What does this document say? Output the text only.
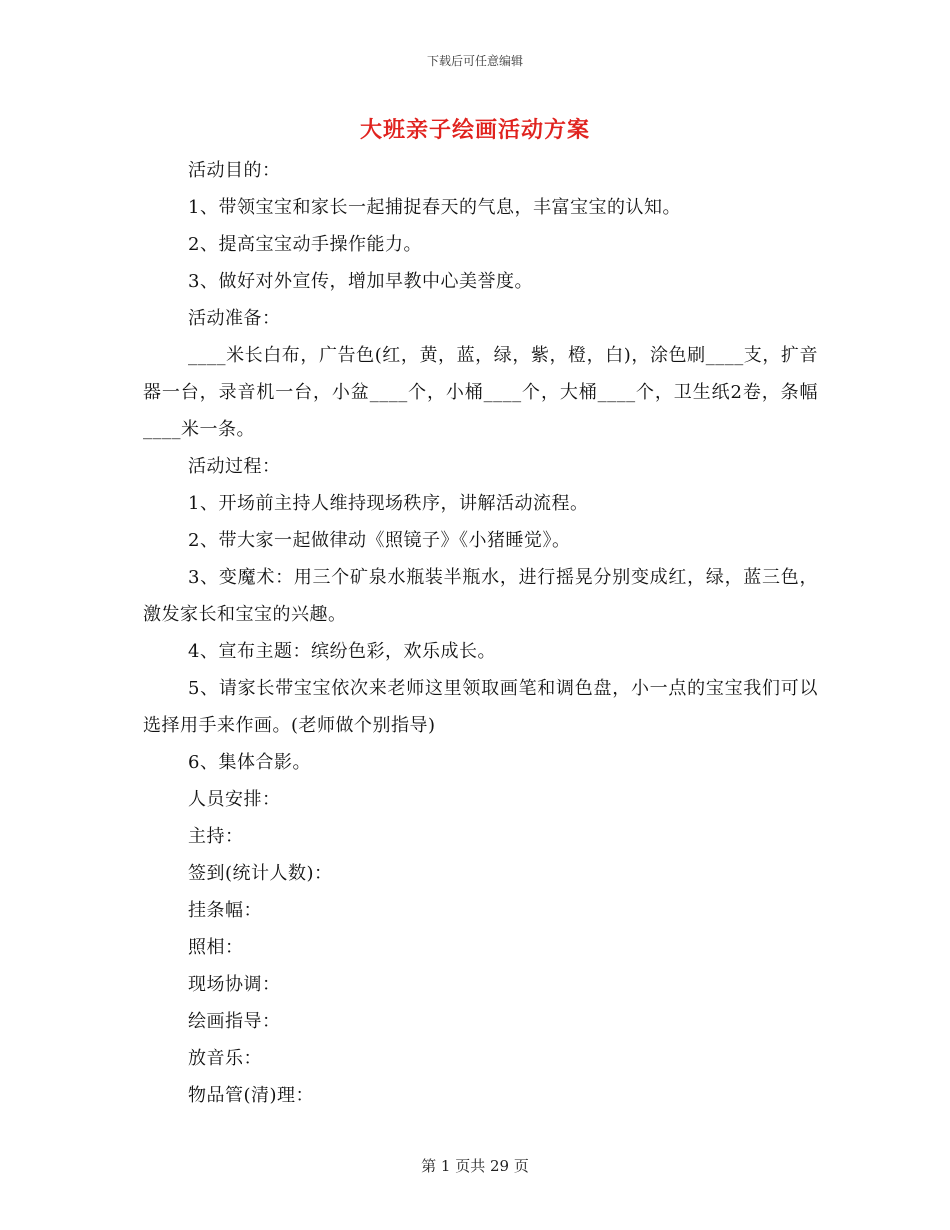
下载后可任意编辑
大班亲子绘画活动方案

活动目的：

1、带领宝宝和家长一起捕捉春天的气息，丰富宝宝的认知。

2、提高宝宝动手操作能力。

3、做好对外宣传，增加早教中心美誉度。

活动准备：

____米长白布，广告色(红，黄，蓝，绿，紫，橙，白)，涂色刷____支，扩音器一台，录音机一台，小盆____个，小桶____个，大桶____个，卫生纸2卷，条幅____米一条。

活动过程：

1、开场前主持人维持现场秩序，讲解活动流程。

2、带大家一起做律动《照镜子》《小猪睡觉》。

3、变魔术：用三个矿泉水瓶装半瓶水，进行摇晃分别变成红，绿，蓝三色，激发家长和宝宝的兴趣。

4、宣布主题：缤纷色彩，欢乐成长。

5、请家长带宝宝依次来老师这里领取画笔和调色盘，小一点的宝宝我们可以选择用手来作画。(老师做个别指导)

6、集体合影。

人员安排：

主持：

签到(统计人数)：

挂条幅：

照相：

现场协调：

绘画指导：

放音乐：

物品管(清)理：

第 1 页共 29 页
